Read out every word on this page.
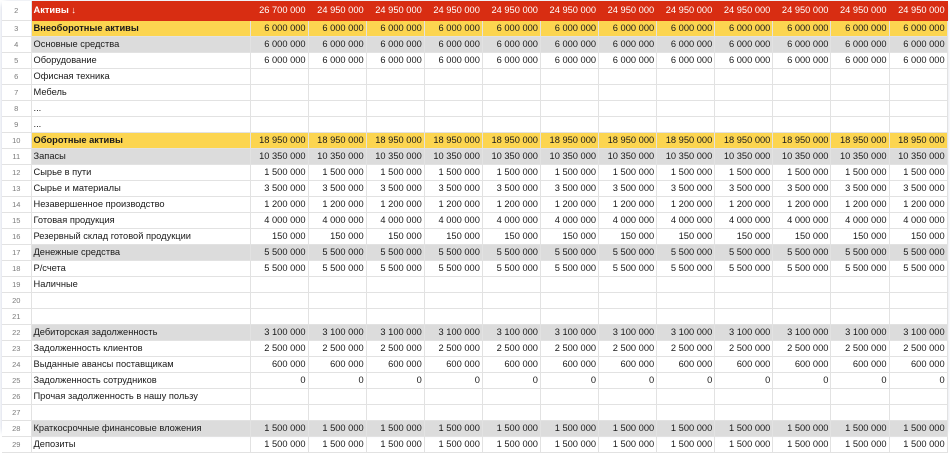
2	Активы ↓	26 700 000	24 950 000	24 950 000	24 950 000	24 950 000	24 950 000	24 950 000	24 950 000	24 950 000	24 950 000	24 950 000	24 950 000
3	Внеоборотные активы	6 000 000	6 000 000	6 000 000	6 000 000	6 000 000	6 000 000	6 000 000	6 000 000	6 000 000	6 000 000	6 000 000	6 000 000
4	Основные средства	6 000 000	6 000 000	6 000 000	6 000 000	6 000 000	6 000 000	6 000 000	6 000 000	6 000 000	6 000 000	6 000 000	6 000 000
5	Оборудование	6 000 000	6 000 000	6 000 000	6 000 000	6 000 000	6 000 000	6 000 000	6 000 000	6 000 000	6 000 000	6 000 000	6 000 000
6	Офисная техника												
7	Мебель												
8	...												
9	...												
10	Оборотные активы	18 950 000	18 950 000	18 950 000	18 950 000	18 950 000	18 950 000	18 950 000	18 950 000	18 950 000	18 950 000	18 950 000	18 950 000
11	Запасы	10 350 000	10 350 000	10 350 000	10 350 000	10 350 000	10 350 000	10 350 000	10 350 000	10 350 000	10 350 000	10 350 000	10 350 000
12	Сырье в пути	1 500 000	1 500 000	1 500 000	1 500 000	1 500 000	1 500 000	1 500 000	1 500 000	1 500 000	1 500 000	1 500 000	1 500 000
13	Сырье и материалы	3 500 000	3 500 000	3 500 000	3 500 000	3 500 000	3 500 000	3 500 000	3 500 000	3 500 000	3 500 000	3 500 000	3 500 000
14	Незавершенное производство	1 200 000	1 200 000	1 200 000	1 200 000	1 200 000	1 200 000	1 200 000	1 200 000	1 200 000	1 200 000	1 200 000	1 200 000
15	Готовая продукция	4 000 000	4 000 000	4 000 000	4 000 000	4 000 000	4 000 000	4 000 000	4 000 000	4 000 000	4 000 000	4 000 000	4 000 000
16	Резервный склад готовой продукции	150 000	150 000	150 000	150 000	150 000	150 000	150 000	150 000	150 000	150 000	150 000	150 000
17	Денежные средства	5 500 000	5 500 000	5 500 000	5 500 000	5 500 000	5 500 000	5 500 000	5 500 000	5 500 000	5 500 000	5 500 000	5 500 000
18	Р/счета	5 500 000	5 500 000	5 500 000	5 500 000	5 500 000	5 500 000	5 500 000	5 500 000	5 500 000	5 500 000	5 500 000	5 500 000
19	Наличные												
20													
21													
22	Дебиторская задолженность	3 100 000	3 100 000	3 100 000	3 100 000	3 100 000	3 100 000	3 100 000	3 100 000	3 100 000	3 100 000	3 100 000	3 100 000
23	Задолженность клиентов	2 500 000	2 500 000	2 500 000	2 500 000	2 500 000	2 500 000	2 500 000	2 500 000	2 500 000	2 500 000	2 500 000	2 500 000
24	Выданные авансы поставщикам	600 000	600 000	600 000	600 000	600 000	600 000	600 000	600 000	600 000	600 000	600 000	600 000
25	Задолженность сотрудников	0	0	0	0	0	0	0	0	0	0	0	0
26	Прочая задолженность в нашу пользу												
27													
28	Краткосрочные финансовые вложения	1 500 000	1 500 000	1 500 000	1 500 000	1 500 000	1 500 000	1 500 000	1 500 000	1 500 000	1 500 000	1 500 000	1 500 000
29	Депозиты	1 500 000	1 500 000	1 500 000	1 500 000	1 500 000	1 500 000	1 500 000	1 500 000	1 500 000	1 500 000	1 500 000	1 500 000
